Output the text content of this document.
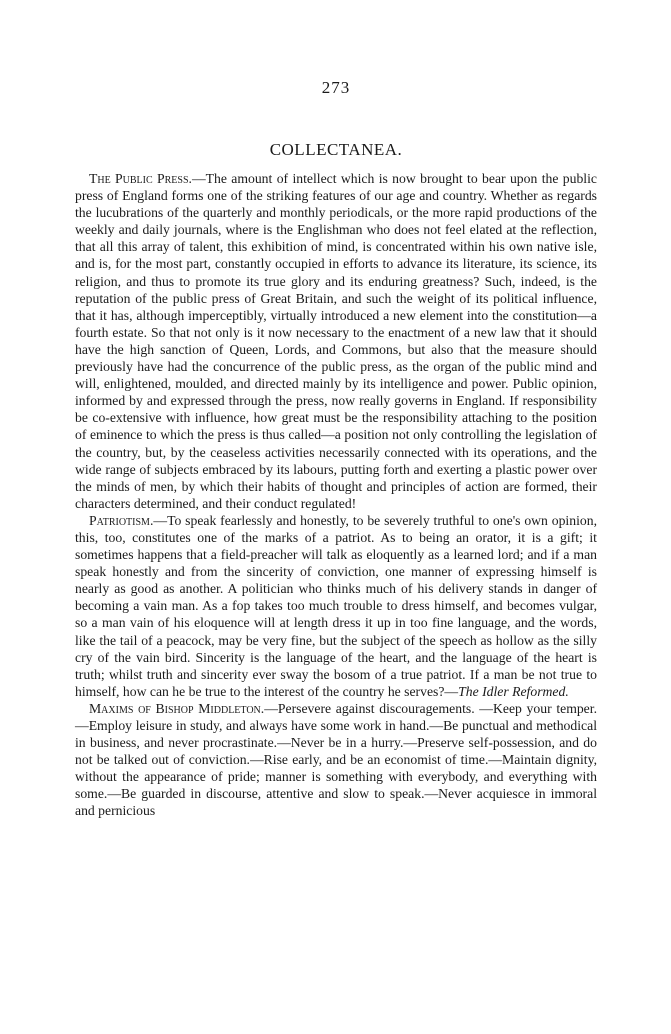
273
COLLECTANEA.

The Public Press.—The amount of intellect which is now brought to bear upon the public press of England forms one of the striking features of our age and country. Whether as regards the lucubrations of the quarterly and monthly periodicals, or the more rapid productions of the weekly and daily journals, where is the Englishman who does not feel elated at the reflection, that all this array of talent, this exhibition of mind, is concentrated within his own native isle, and is, for the most part, constantly occupied in efforts to advance its literature, its science, its religion, and thus to promote its true glory and its enduring greatness? Such, indeed, is the reputation of the public press of Great Britain, and such the weight of its political influence, that it has, although imperceptibly, virtually introduced a new element into the constitution—a fourth estate. So that not only is it now necessary to the enactment of a new law that it should have the high sanction of Queen, Lords, and Commons, but also that the measure should previously have had the concurrence of the public press, as the organ of the public mind and will, enlightened, moulded, and directed mainly by its intelligence and power. Public opinion, informed by and expressed through the press, now really governs in England. If responsibility be co-extensive with influence, how great must be the responsibility attaching to the position of eminence to which the press is thus called—a position not only controlling the legislation of the country, but, by the ceaseless activities necessarily connected with its operations, and the wide range of subjects embraced by its labours, putting forth and exerting a plastic power over the minds of men, by which their habits of thought and principles of action are formed, their characters determined, and their conduct regulated!

Patriotism.—To speak fearlessly and honestly, to be severely truthful to one's own opinion, this, too, constitutes one of the marks of a patriot. As to being an orator, it is a gift; it sometimes happens that a field-preacher will talk as eloquently as a learned lord; and if a man speak honestly and from the sincerity of conviction, one manner of expressing himself is nearly as good as another. A politician who thinks much of his delivery stands in danger of becoming a vain man. As a fop takes too much trouble to dress himself, and becomes vulgar, so a man vain of his eloquence will at length dress it up in too fine language, and the words, like the tail of a peacock, may be very fine, but the subject of the speech as hollow as the silly cry of the vain bird. Sincerity is the language of the heart, and the language of the heart is truth; whilst truth and sincerity ever sway the bosom of a true patriot. If a man be not true to himself, how can he be true to the interest of the country he serves?—The Idler Reformed.

Maxims of Bishop Middleton.—Persevere against discouragements. —Keep your temper.—Employ leisure in study, and always have some work in hand.—Be punctual and methodical in business, and never procrastinate.—Never be in a hurry.—Preserve self-possession, and do not be talked out of conviction.—Rise early, and be an economist of time.—Maintain dignity, without the appearance of pride; manner is something with everybody, and everything with some.—Be guarded in discourse, attentive and slow to speak.—Never acquiesce in immoral and pernicious
